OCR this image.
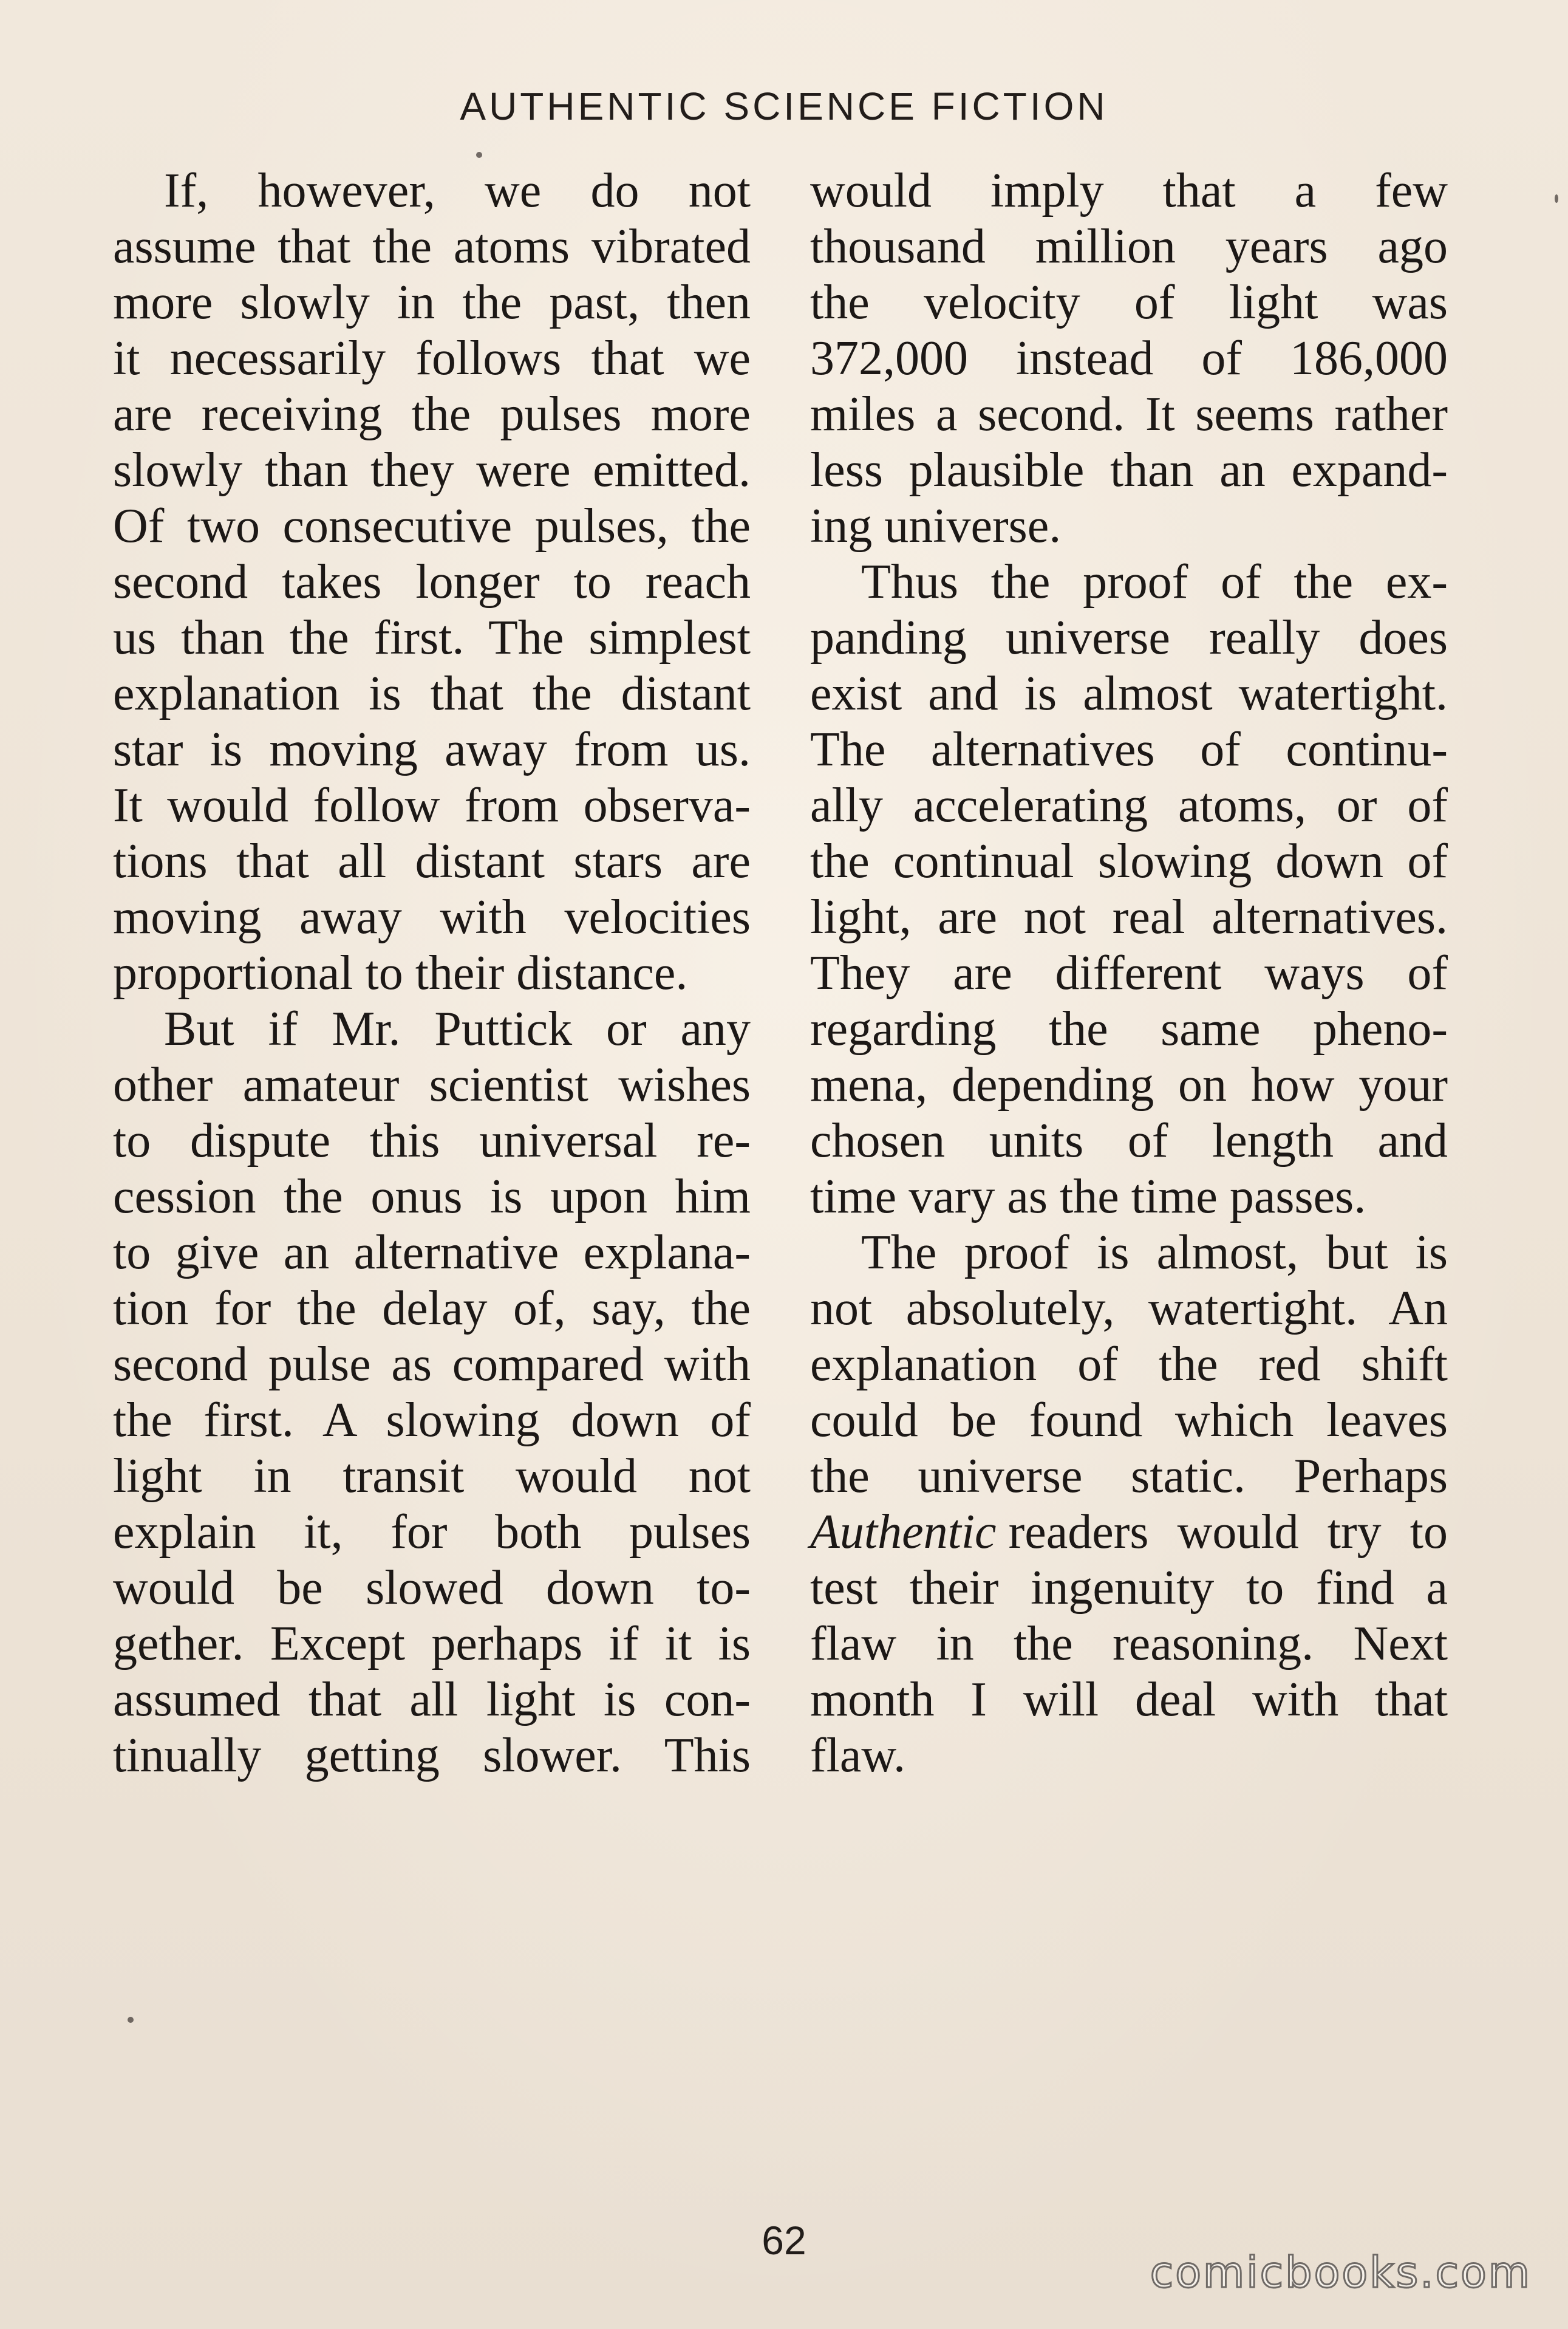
AUTHENTIC SCIENCE FICTION
If, however, we do not
assume that the atoms vibrated
more slowly in the past, then
it necessarily follows that we
are receiving the pulses more
slowly than they were emitted.
Of two consecutive pulses, the
second takes longer to reach
us than the first. The simplest
explanation is that the distant
star is moving away from us.
It would follow from observa-
tions that all distant stars are
moving away with velocities
proportional to their distance.
But if Mr. Puttick or any
other amateur scientist wishes
to dispute this universal re-
cession the onus is upon him
to give an alternative explana-
tion for the delay of, say, the
second pulse as compared with
the first. A slowing down of
light in transit would not
explain it, for both pulses
would be slowed down to-
gether. Except perhaps if it is
assumed that all light is con-
tinually getting slower. This
would imply that a few
thousand million years ago
the velocity of light was
372,000 instead of 186,000
miles a second. It seems rather
less plausible than an expand-
ing universe.
Thus the proof of the ex-
panding universe really does
exist and is almost watertight.
The alternatives of continu-
ally accelerating atoms, or of
the continual slowing down of
light, are not real alternatives.
They are different ways of
regarding the same pheno-
mena, depending on how your
chosen units of length and
time vary as the time passes.
The proof is almost, but is
not absolutely, watertight. An
explanation of the red shift
could be found which leaves
the universe static. Perhaps
Authentic readers would try to
test their ingenuity to find a
flaw in the reasoning. Next
month I will deal with that
flaw.
62
comicbooks.com
